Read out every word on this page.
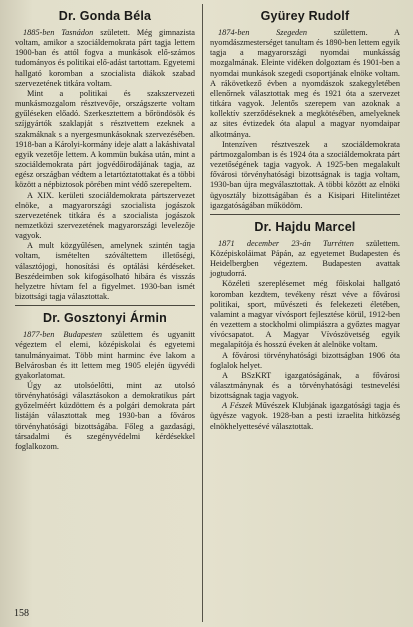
Dr. Gonda Béla

1885-ben Tasnádon született. Még gimnazista voltam, amikor a szociáldemokrata párt tagja lettem 1900-ban és attól fogva a munkások elő-számos tudományos és politikai elő-adást tartottam. Egyetemi hallgató koromban a szocialista diákok szabad szervezetének titkára voltam.

Mint a politikai és szakszervezeti munkásmozgalom résztvevője, országszerte voltam gyűléseken előadó. Szerkesztettem a bőröndösök és szíjgyártók szaklapját s résztvettem ezeknek a szakmáknak s a nyergesmunkásoknak szervezésében. 1918-ban a Károlyi-kormány ideje alatt a lakáshivatal egyik vezetője lettem. A kommün bukása után, mint a szociáldemokrata párt jogvédőirodájának tagja, az egész országban védtem a letartóztatottakat és a többi között a népbiztosok pörében mint védő szerepeltem.

A XIX. kerületi szociáldemokrata pártszervezet elnöke, a magyarországi szocialista jogászok szervezetének titkára és a szocialista jogászok nemzetközi szervezetének magyarországi levelezője vagyok.

A mult közgyűlésen, amelynek szintén tagja voltam, ismételten szóváltettem illetőségi, választójogi, honosítási és optálási kérdéseket. Beszédeimben sok kifogásolható hibára és visszás helyzetre hívtam fel a figyelmet. 1930-ban ismét bizottsági tagja választottak.

Dr. Gosztonyi Ármin

1877-ben Budapesten születtem és ugyanitt végeztem el elemi, középiskolai és egyetemi tanulmányaimat. Több mint harminc éve lakom a Belvárosban és itt lettem meg 1905 elején ügyvédi gyakorlatomat.

Úgy az utolsóelőtti, mint az utolsó törvényhatósági választásokon a demokratikus párt győzelméért küzdöttem és a polgári demokrata párt listáján választottak meg 1930-ban a főváros törvényhatósági bizottságába. Főleg a gazdasági, társadalmi és szegényvédelmi kérdésekkel foglalkozom.

Gyürey Rudolf

1874-ben Szegeden	születtem. A nyomdászmesterséget tanultam és 1890-ben lettem egyik tagja a magyarországi nyomdai munkásság mozgalmának. Eleinte vidéken dolgoztam és 1901-ben a nyomdai munkások szegedi csoportjának elnöke voltam. A rákövetkező évben a nyomdászok szakegyletében ellenőrnek választottak meg és 1921 óta a szervezet titkára vagyok. Jelentős szerepem van azoknak a kollektív szerződéseknek a megkötésében, amelyeknek az sites évtizedek óta alapul a magyar nyomdaipar alkotmánya.

Intenzíven résztveszek a szociáldemokrata pártmozgalomban is és 1924 óta a szociáldemokrata párt vezetőségének tagja vagyok. A 1925-ben megalakult fővárosi törvényhatósági bizottságnak is tagja voltam, 1930-ban újra megválasztottak. A többi között az elnöki ügyosztály bizottságában és a Kisipari Hitelintézet igazgatóságában működöm.

Dr. Hajdu Marcel

1871 december 23-án Turrétten születtem. Középiskoláimat Pápán, az egyetemet Budapesten és Heidelbergben végeztem. Budapesten avattak jogtudorrá.

Közéleti szereplésemet még főiskolai hallgató koromban kezdtem, tevékeny részt véve a fővárosi politikai, sport, művészeti és felekezeti életében, valamint a magyar vívósport fejlesztése körül, 1912-ben én vezettem a stockholmi olimpiászra a győztes magyar vívócsapatot. A Magyar Vívószövetség egyik megalapítója és hosszú éveken át alelnöke voltam.

A fővárosi törvényhatósági bizottságban 1906 óta foglalok helyet.

A BSzKRT igazgatóságának, a fővárosi választmánynak és a törvényhatósági testnevelési bizottságnak tagja vagyok.

A Fészek Művészek Klubjának igazgatósági tagja és ügyésze vagyok. 1928-ban a pesti izraelita hitközség elnökhelyettesévé választottak.

158
